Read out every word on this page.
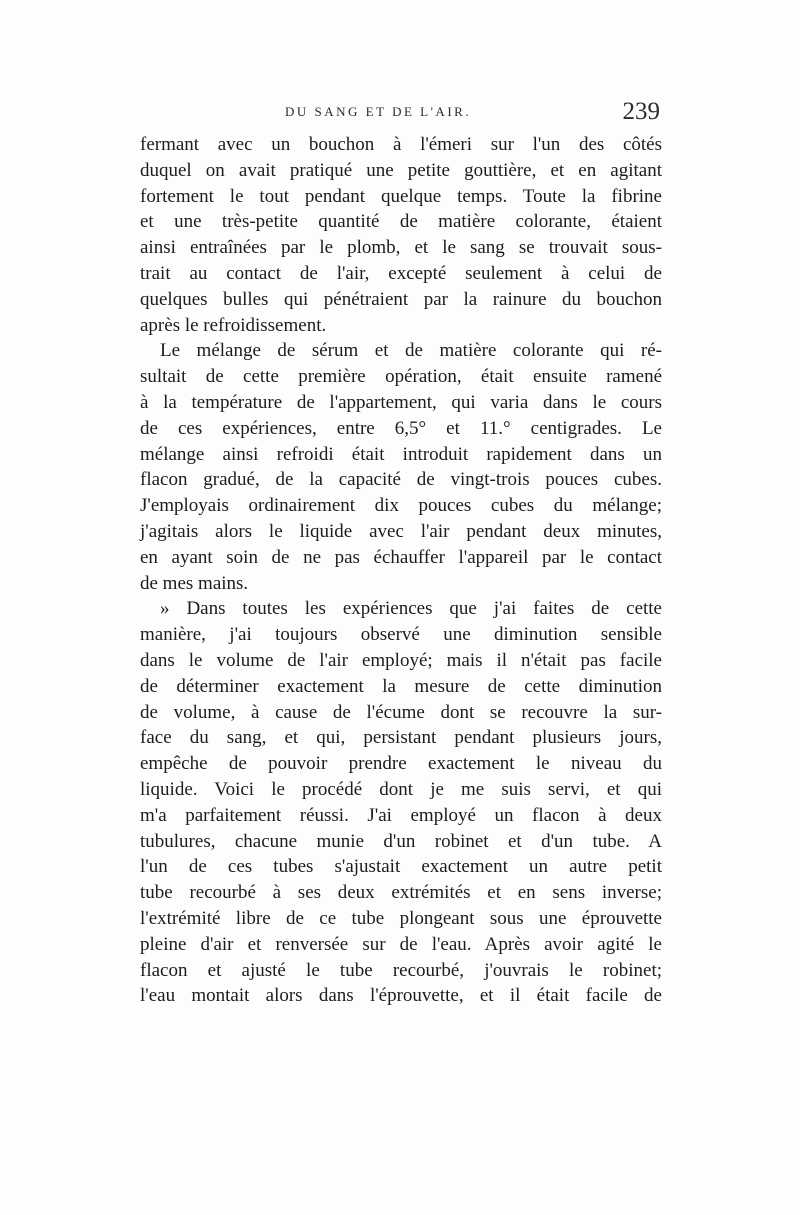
DU SANG ET DE L'AIR.	239
fermant avec un bouchon à l'émeri sur l'un des côtés
duquel on avait pratiqué une petite gouttière, et en agitant
fortement le tout pendant quelque temps. Toute la fibrine
et une très-petite quantité de matière colorante, étaient
ainsi entraînées par le plomb, et le sang se trouvait sous-
trait au contact de l'air, excepté seulement à celui de
quelques bulles qui pénétraient par la rainure du bouchon
après le refroidissement.
Le mélange de sérum et de matière colorante qui ré-
sultait de cette première opération, était ensuite ramené
à la température de l'appartement, qui varia dans le cours
de ces expériences, entre 6,5° et 11.° centigrades. Le
mélange ainsi refroidi était introduit rapidement dans un
flacon gradué, de la capacité de vingt-trois pouces cubes.
J'employais ordinairement dix pouces cubes du mélange;
j'agitais alors le liquide avec l'air pendant deux minutes,
en ayant soin de ne pas échauffer l'appareil par le contact
de mes mains.
» Dans toutes les expériences que j'ai faites de cette
manière, j'ai toujours observé une diminution sensible
dans le volume de l'air employé; mais il n'était pas facile
de déterminer exactement la mesure de cette diminution
de volume, à cause de l'écume dont se recouvre la sur-
face du sang, et qui, persistant pendant plusieurs jours,
empêche de pouvoir prendre exactement le niveau du
liquide. Voici le procédé dont je me suis servi, et qui
m'a parfaitement réussi. J'ai employé un flacon à deux
tubulures, chacune munie d'un robinet et d'un tube. A
l'un de ces tubes s'ajustait exactement un autre petit
tube recourbé à ses deux extrémités et en sens inverse;
l'extrémité libre de ce tube plongeant sous une éprouvette
pleine d'air et renversée sur de l'eau. Après avoir agité le
flacon et ajusté le tube recourbé, j'ouvrais le robinet;
l'eau montait alors dans l'éprouvette, et il était facile de
